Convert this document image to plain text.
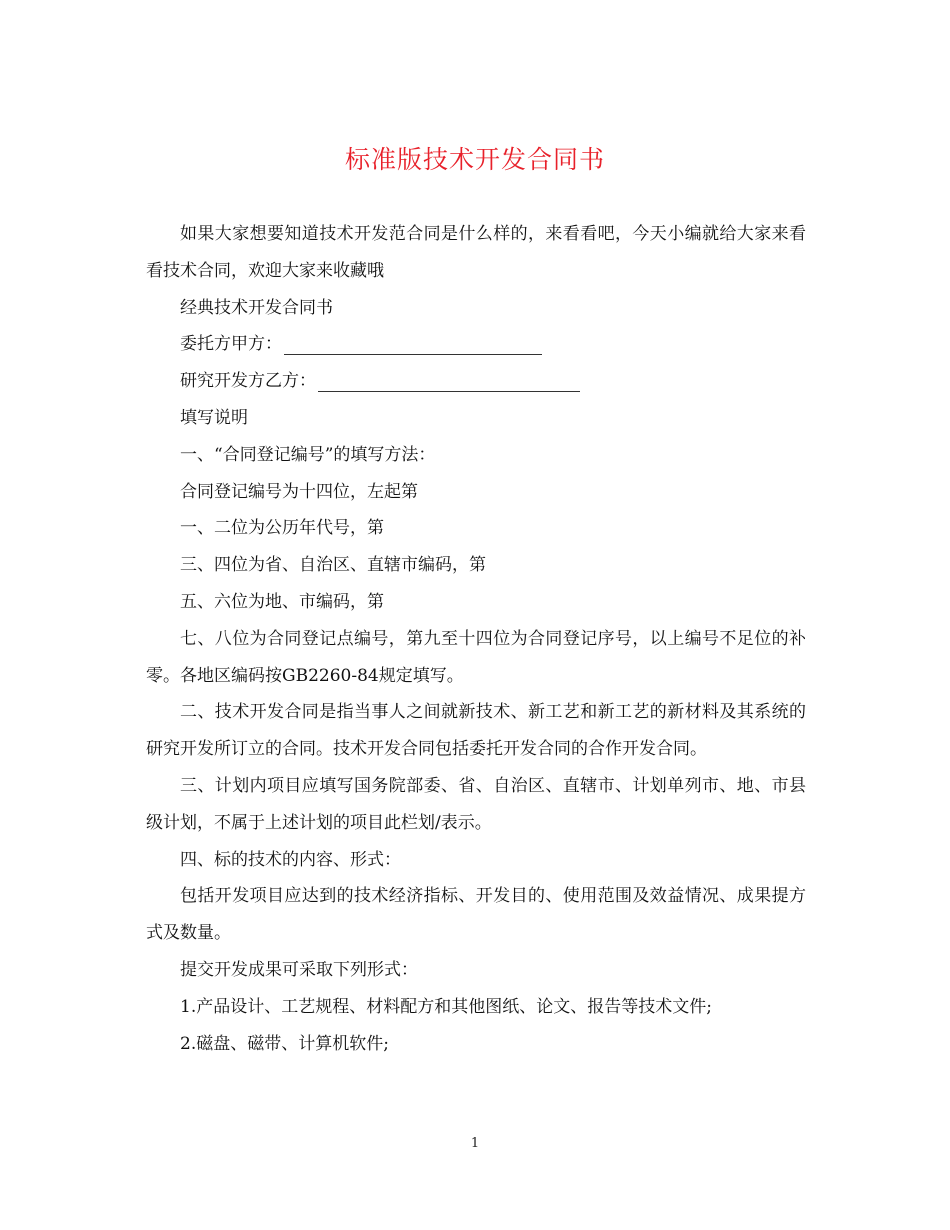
标准版技术开发合同书

如果大家想要知道技术开发范合同是什么样的，来看看吧，今天小编就给大家来看看技术合同，欢迎大家来收藏哦

经典技术开发合同书

委托方甲方：

研究开发方乙方：

填写说明

一、“合同登记编号”的填写方法：

合同登记编号为十四位，左起第

一、二位为公历年代号，第

三、四位为省、自治区、直辖市编码，第

五、六位为地、市编码，第

七、八位为合同登记点编号，第九至十四位为合同登记序号，以上编号不足位的补零。各地区编码按GB2260-84规定填写。

二、技术开发合同是指当事人之间就新技术、新工艺和新工艺的新材料及其系统的研究开发所订立的合同。技术开发合同包括委托开发合同的合作开发合同。

三、计划内项目应填写国务院部委、省、自治区、直辖市、计划单列市、地、市县级计划，不属于上述计划的项目此栏划/表示。

四、标的技术的内容、形式：

包括开发项目应达到的技术经济指标、开发目的、使用范围及效益情况、成果提方式及数量。

提交开发成果可采取下列形式：

1.产品设计、工艺规程、材料配方和其他图纸、论文、报告等技术文件;

2.磁盘、磁带、计算机软件;

1
